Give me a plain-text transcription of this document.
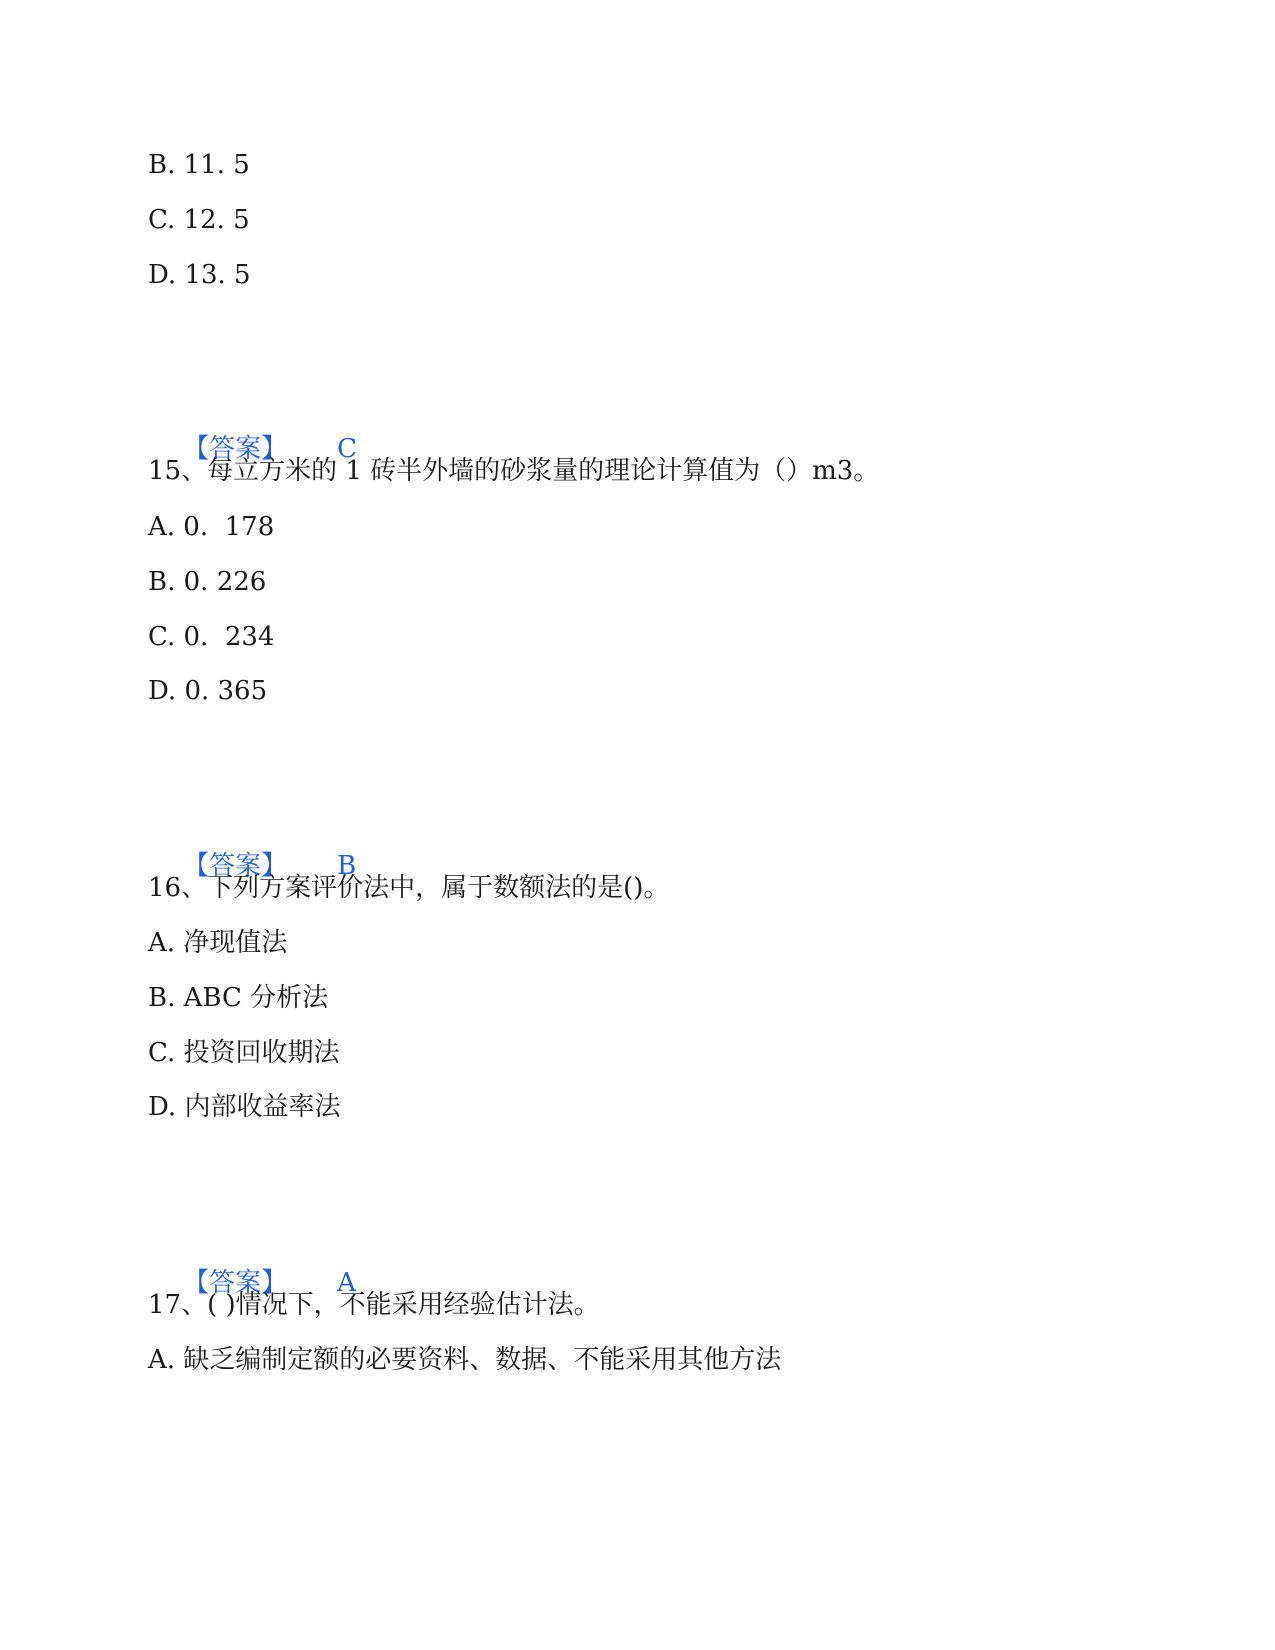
B. 11. 5
C. 12. 5
D. 13. 5

【答案】 C

15、每立方米的 1 砖半外墙的砂浆量的理论计算值为（）m3。
A. 0.  178
B. 0. 226
C. 0.  234
D. 0. 365

【答案】 B

16、下列方案评价法中，属于数额法的是()。
A. 净现值法
B. ABC 分析法
C. 投资回收期法
D. 内部收益率法

【答案】 A

17、( )情况下，不能采用经验估计法。
A. 缺乏编制定额的必要资料、数据、不能采用其他方法
